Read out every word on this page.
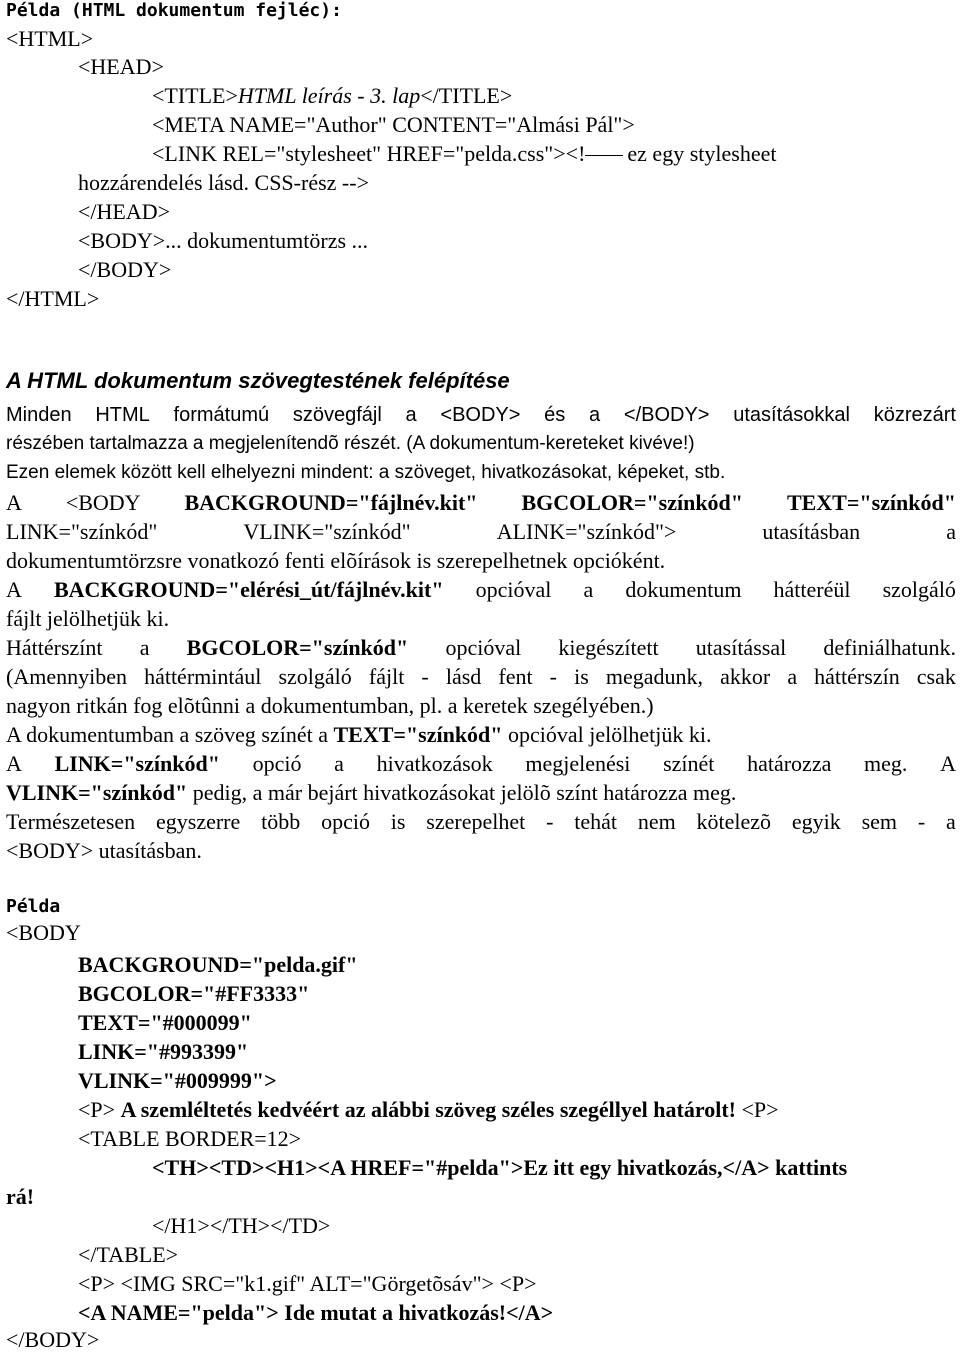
Példa (HTML dokumentum fejléc):
<HTML>
<HEAD>
<TITLE>HTML leírás - 3. lap</TITLE>
<META NAME="Author" CONTENT="Almási Pál">
<LINK REL="stylesheet" HREF="pelda.css"><! ez egy stylesheet
hozzárendelés lásd. CSS-rész -->
</HEAD>
<BODY>... dokumentumtörzs ...
</BODY>
</HTML>
A HTML dokumentum szövegtestének felépítése
Minden HTML formátumú szövegfájl a <BODY> és a </BODY> utasításokkal közrezárt
részében tartalmazza a megjelenítendõ részét. (A dokumentum-kereteket kivéve!)
Ezen elemek között kell elhelyezni mindent: a szöveget, hivatkozásokat, képeket, stb.
A <BODY BACKGROUND="fájlnév.kit" BGCOLOR="színkód" TEXT="színkód"
LINK="színkód"	VLINK="színkód"	ALINK="színkód">	utasításban	a
dokumentumtörzsre vonatkozó fenti elõírások is szerepelhetnek opcióként.
A BACKGROUND="elérési_út/fájlnév.kit" opcióval a dokumentum hátteréül szolgáló
fájlt jelölhetjük ki.
Háttérszínt a BGCOLOR="színkód" opcióval kiegészített utasítással definiálhatunk.
(Amennyiben háttérmintául szolgáló fájlt - lásd fent - is megadunk, akkor a háttérszín csak
nagyon ritkán fog elõtûnni a dokumentumban, pl. a keretek szegélyében.)
A dokumentumban a szöveg színét a TEXT="színkód" opcióval jelölhetjük ki.
A LINK="színkód" opció a hivatkozások megjelenési színét határozza meg. A
VLINK="színkód" pedig, a már bejárt hivatkozásokat jelölõ színt határozza meg.
Természetesen egyszerre több opció is szerepelhet - tehát nem kötelezõ egyik sem - a
<BODY> utasításban.
Példa
<BODY
BACKGROUND="pelda.gif"
BGCOLOR="#FF3333"
TEXT="#000099"
LINK="#993399"
VLINK="#009999">
<P> A szemléltetés kedvéért az alábbi szöveg széles szegéllyel határolt! <P>
<TABLE BORDER=12>
<TH><TD><H1><A HREF="#pelda">Ez itt egy hivatkozás,</A> kattints
rá!
</H1></TH></TD>
</TABLE>
<P> <IMG SRC="k1.gif" ALT="Görgetõsáv"> <P>
<A NAME="pelda"> Ide mutat a hivatkozás!</A>
</BODY>
